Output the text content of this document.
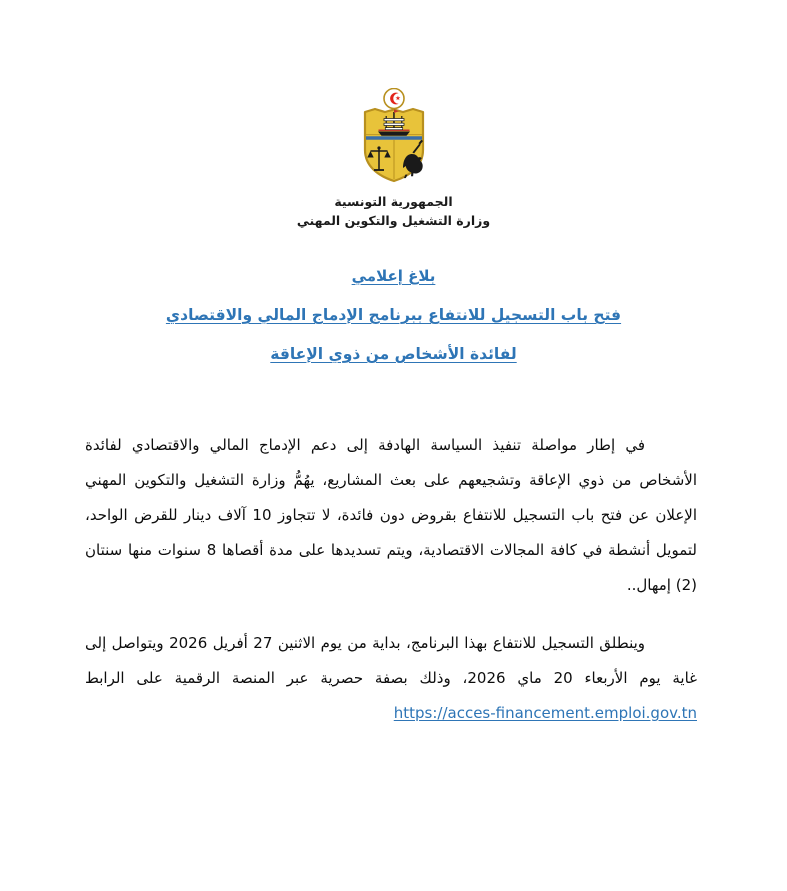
الجمهورية التونسية
وزارة التشغيل والتكوين المهني
بلاغ إعلامي
فتح باب التسجيل للانتفاع ببرنامج الإدماج المالي والاقتصادي
لفائدة الأشخاص من ذوي الإعاقة

في إطار مواصلة تنفيذ السياسة الهادفة إلى دعم الإدماج المالي والاقتصادي لفائدة الأشخاص من ذوي الإعاقة وتشجيعهم على بعث المشاريع، يهُمُّ وزارة التشغيل والتكوين المهني الإعلان عن فتح باب التسجيل للانتفاع بقروض دون فائدة، لا تتجاوز 10 آلاف دينار للقرض الواحد، لتمويل أنشطة في كافة المجالات الاقتصادية، ويتم تسديدها على مدة أقصاها 8 سنوات منها سنتان (2) إمهال..

وينطلق التسجيل للانتفاع بهذا البرنامج، بداية من يوم الاثنين 27 أفريل 2026 ويتواصل إلى غاية يوم الأربعاء 20 ماي 2026، وذلك بصفة حصرية عبر المنصة الرقمية على الرابط https://acces-financement.emploi.gov.tn
